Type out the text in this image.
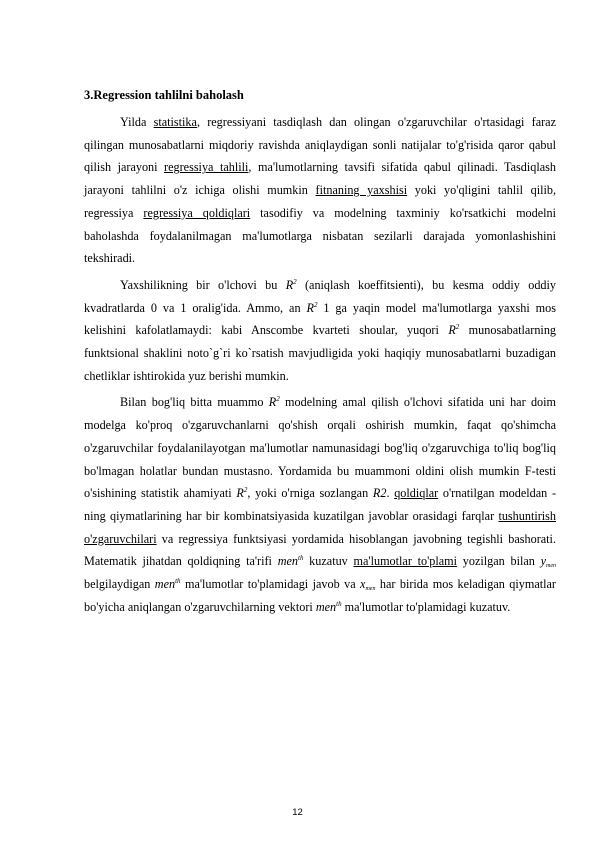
3.Regression tahlilni baholash

Yilda statistika, regressiyani tasdiqlash dan olingan o'zgaruvchilar o'rtasidagi faraz qilingan munosabatlarni miqdoriy ravishda aniqlaydigan sonli natijalar to'g'risida qaror qabul qilish jarayoni regressiya tahlili, ma'lumotlarning tavsifi sifatida qabul qilinadi. Tasdiqlash jarayoni tahlilni o'z ichiga olishi mumkin fitnaning yaxshisi yoki yo'qligini tahlil qilib, regressiya regressiya qoldiqlari tasodifiy va modelning taxminiy ko'rsatkichi modelni baholashda foydalanilmagan ma'lumotlarga nisbatan sezilarli darajada yomonlashishini tekshiradi.

Yaxshilikning bir o'lchovi bu $R^2$ (aniqlash koeffitsienti), bu kesma oddiy oddiy kvadratlarda 0 va 1 oralig'ida. Ammo, an $R^2$ 1 ga yaqin model ma'lumotlarga yaxshi mos kelishini kafolatlamaydi: kabi Anscombe kvarteti shoular, yuqori $R^2$ munosabatlarning funktsional shaklini noto`g`ri ko`rsatish mavjudligida yoki haqiqiy munosabatlarni buzadigan chetliklar ishtirokida yuz berishi mumkin.

Bilan bog'liq bitta muammo $R^2$ modelning amal qilish o'lchovi sifatida uni har doim modelga ko'proq o'zgaruvchanlarni qo'shish orqali oshirish mumkin, faqat qo'shimcha o'zgaruvchilar foydalanilayotgan ma'lumotlar namunasidagi bog'liq o'zgaruvchiga to'liq bog'liq bo'lmagan holatlar bundan mustasno. Yordamida bu muammoni oldini olish mumkin F-testi o'sishining statistik ahamiyati $R^2$, yoki o'rniga sozlangan R2. qoldiqlar o'rnatilgan modeldan - ning qiymatlarining har bir kombinatsiyasida kuzatilgan javoblar orasidagi farqlar tushuntirish o'zgaruvchilari va regressiya funktsiyasi yordamida hisoblangan javobning tegishli bashorati. Matematik jihatdan qoldiqning ta'rifi men$^{th}$ kuzatuv ma'lumotlar to'plami yozilgan bilan $y_{men}$ belgilaydigan men$^{th}$ ma'lumotlar to'plamidagi javob va $x_{men}$ har birida mos keladigan qiymatlar bo'yicha aniqlangan o'zgaruvchilarning vektori men$^{th}$ ma'lumotlar to'plamidagi kuzatuv.

12
